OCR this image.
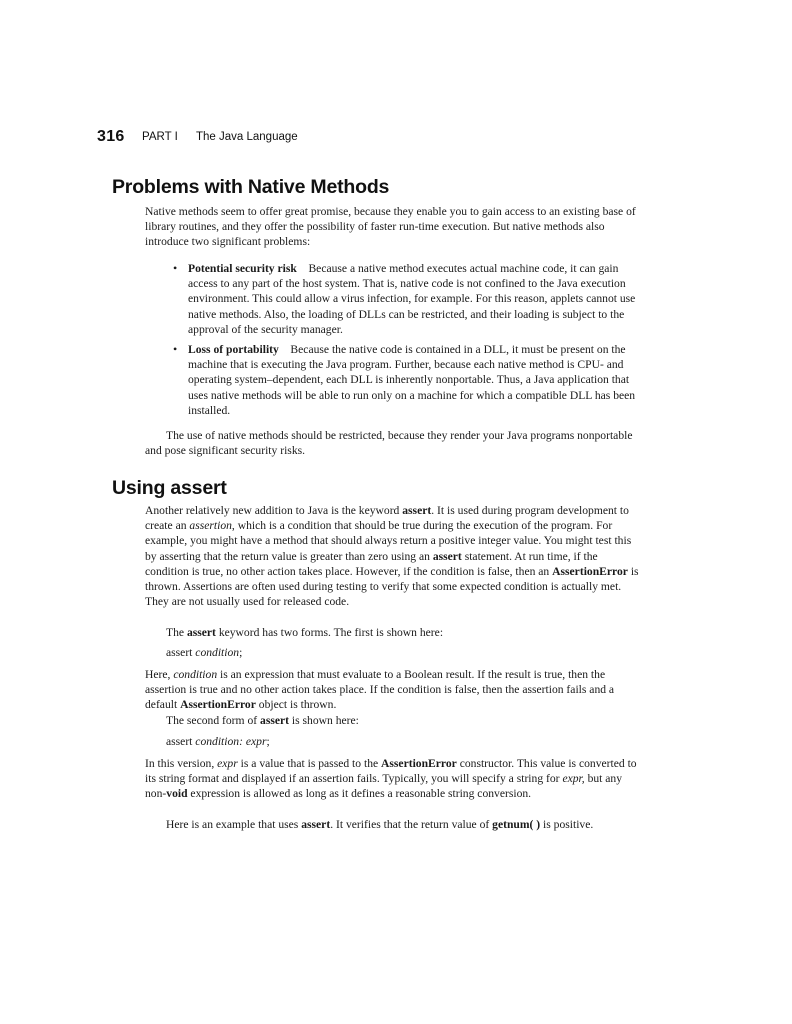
316 PART I The Java Language
Problems with Native Methods

Native methods seem to offer great promise, because they enable you to gain access to an existing base of library routines, and they offer the possibility of faster run-time execution. But native methods also introduce two significant problems:

• Potential security risk Because a native method executes actual machine code, it can gain access to any part of the host system. That is, native code is not confined to the Java execution environment. This could allow a virus infection, for example. For this reason, applets cannot use native methods. Also, the loading of DLLs can be restricted, and their loading is subject to the approval of the security manager.
• Loss of portability Because the native code is contained in a DLL, it must be present on the machine that is executing the Java program. Further, because each native method is CPU- and operating system–dependent, each DLL is inherently nonportable. Thus, a Java application that uses native methods will be able to run only on a machine for which a compatible DLL has been installed.

The use of native methods should be restricted, because they render your Java programs nonportable and pose significant security risks.

Using assert

Another relatively new addition to Java is the keyword assert. It is used during program development to create an assertion, which is a condition that should be true during the execution of the program. For example, you might have a method that should always return a positive integer value. You might test this by asserting that the return value is greater than zero using an assert statement. At run time, if the condition is true, no other action takes place. However, if the condition is false, then an AssertionError is thrown. Assertions are often used during testing to verify that some expected condition is actually met. They are not usually used for released code.

The assert keyword has two forms. The first is shown here:

assert condition;

Here, condition is an expression that must evaluate to a Boolean result. If the result is true, then the assertion is true and no other action takes place. If the condition is false, then the assertion fails and a default AssertionError object is thrown.

The second form of assert is shown here:

assert condition: expr;

In this version, expr is a value that is passed to the AssertionError constructor. This value is converted to its string format and displayed if an assertion fails. Typically, you will specify a string for expr, but any non-void expression is allowed as long as it defines a reasonable string conversion.

Here is an example that uses assert. It verifies that the return value of getnum( ) is positive.
